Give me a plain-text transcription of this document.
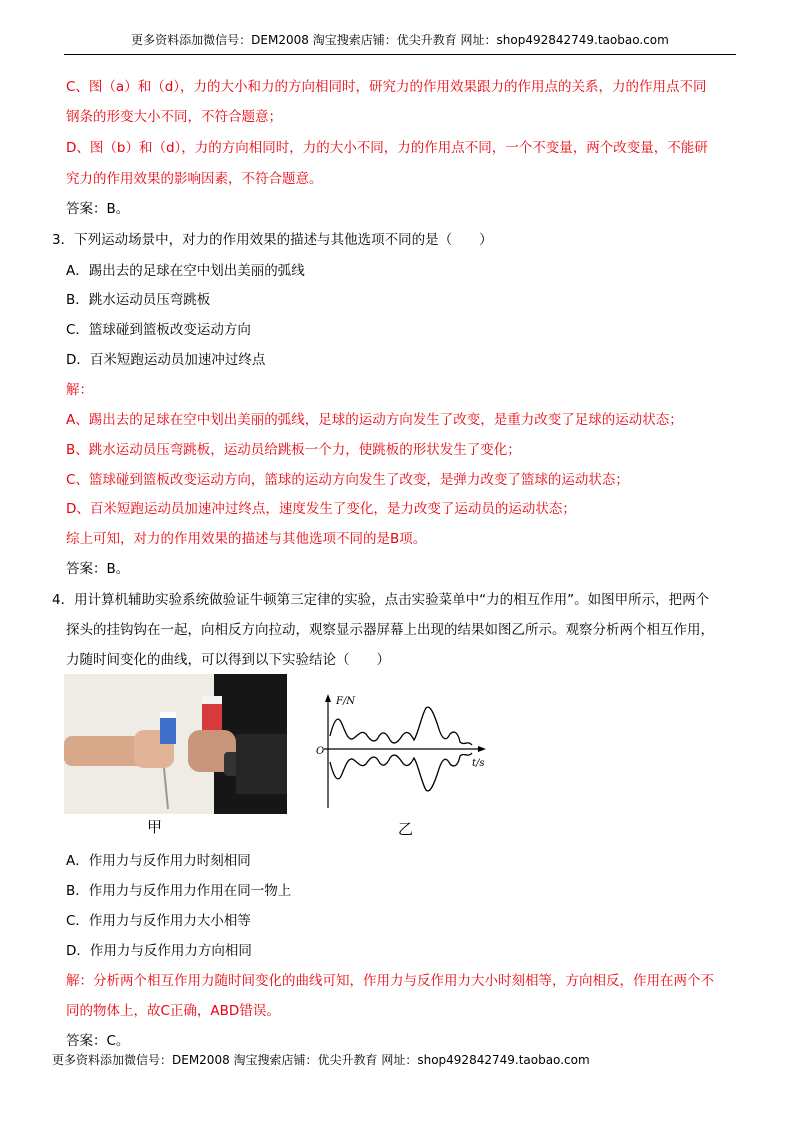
更多资料添加微信号：DEM2008 淘宝搜索店铺：优尖升教育 网址：shop492842749.taobao.com
C、图（a）和（d），力的大小和力的方向相同时，研究力的作用效果跟力的作用点的关系，力的作用点不同
钢条的形变大小不同，不符合题意；
D、图（b）和（d），力的方向相同时，力的大小不同，力的作用点不同，一个不变量，两个改变量，不能研
究力的作用效果的影响因素，不符合题意。
答案：B。
3．下列运动场景中，对力的作用效果的描述与其他选项不同的是（　　）
A．踢出去的足球在空中划出美丽的弧线
B．跳水运动员压弯跳板
C．篮球碰到篮板改变运动方向
D．百米短跑运动员加速冲过终点
解：
A、踢出去的足球在空中划出美丽的弧线，足球的运动方向发生了改变，是重力改变了足球的运动状态；
B、跳水运动员压弯跳板，运动员给跳板一个力，使跳板的形状发生了变化；
C、篮球碰到篮板改变运动方向，篮球的运动方向发生了改变，是弹力改变了篮球的运动状态；
D、百米短跑运动员加速冲过终点，速度发生了变化，是力改变了运动员的运动状态；
综上可知，对力的作用效果的描述与其他选项不同的是B项。
答案：B。
4．用计算机辅助实验系统做验证牛顿第三定律的实验，点击实验菜单中“力的相互作用”。如图甲所示，把两个
探头的挂钩钩在一起，向相反方向拉动，观察显示器屏幕上出现的结果如图乙所示。观察分析两个相互作用，
力随时间变化的曲线，可以得到以下实验结论（　　）
甲
F/N
O
t/s
乙
A．作用力与反作用力时刻相同
B．作用力与反作用力作用在同一物上
C．作用力与反作用力大小相等
D．作用力与反作用力方向相同
解：分析两个相互作用力随时间变化的曲线可知，作用力与反作用力大小时刻相等，方向相反，作用在两个不
同的物体上，故C正确，ABD错误。
答案：C。
更多资料添加微信号：DEM2008 淘宝搜索店铺：优尖升教育 网址：shop492842749.taobao.com
